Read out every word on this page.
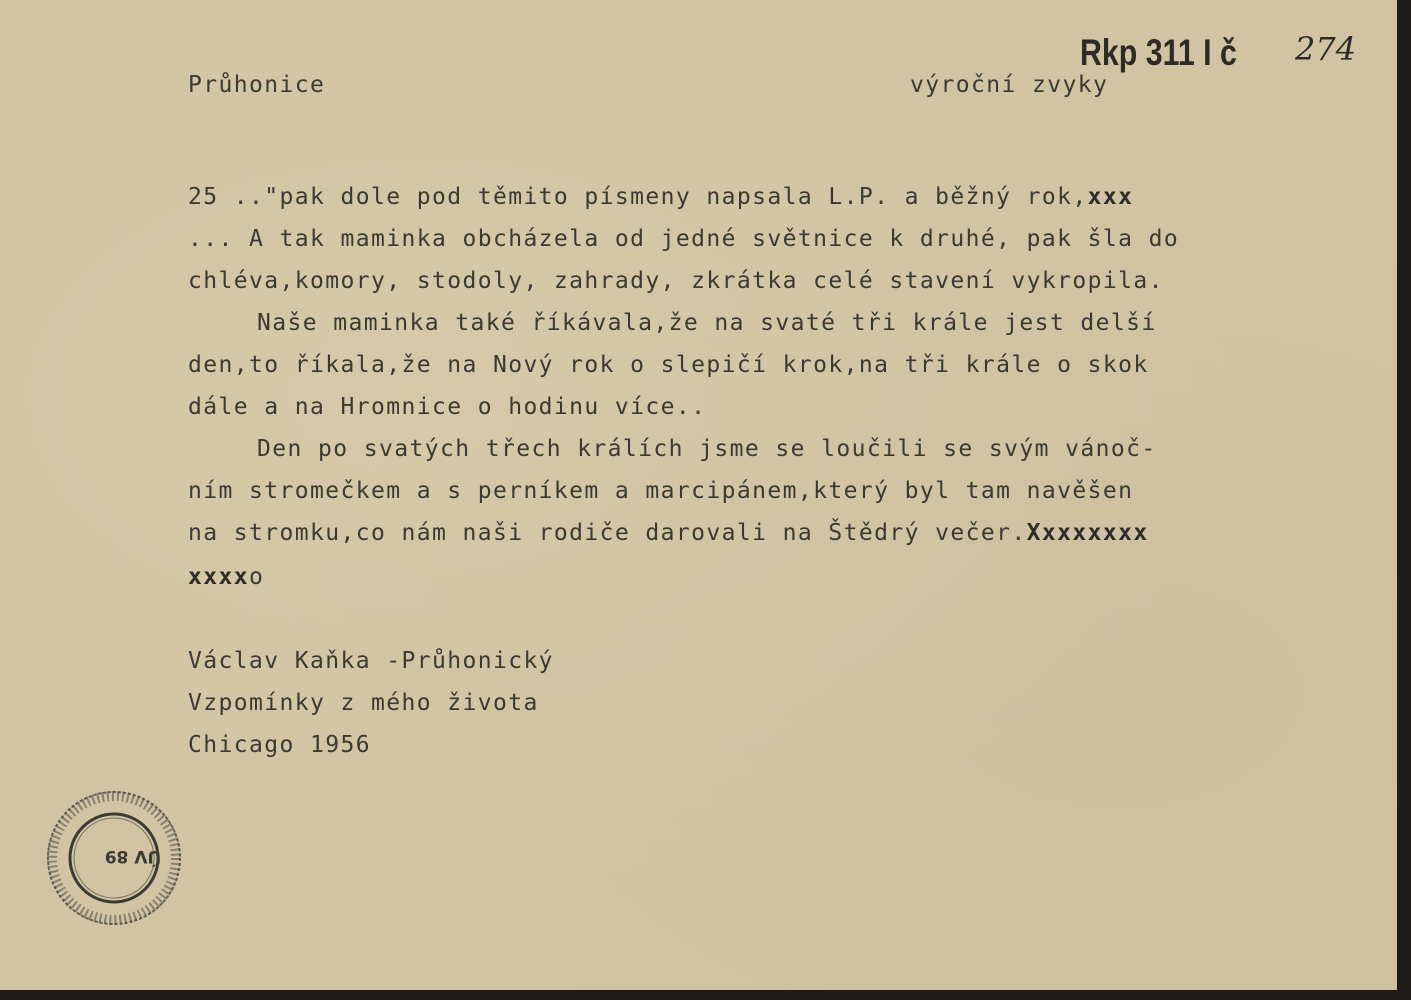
Průhonice	výroční zvyky
Rkp 311 I č 274
25 .."pak dole pod těmito písmeny napsala L.P. a běžný rok,xxx
... A tak maminka obcházela od jedné světnice k druhé, pak šla do
chléva,komory, stodoly, zahrady, zkrátka celé stavení vykropila.
Naše maminka také říkávala,že na svaté tři krále jest delší
den,to říkala,že na Nový rok o slepičí krok,na tři krále o skok
dále a na Hromnice o hodinu více..
Den po svatých třech králích jsme se loučili se svým vánoč-
ním stromečkem a s perníkem a marcipánem,který byl tam navěšen
na stromku,co nám naši rodiče darovali na Štědrý večer.Xxxxxxxx
xxxxo
Václav Kaňka -Průhonický
Vzpomínky z mého života
Chicago 1956
ÚV 89
